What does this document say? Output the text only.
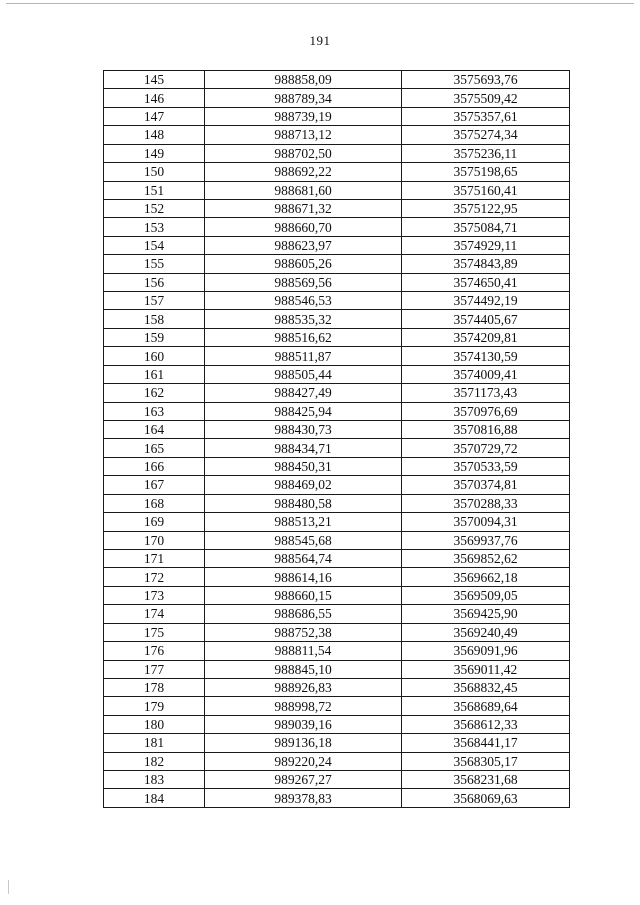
191
145	988858,09	3575693,76
146	988789,34	3575509,42
147	988739,19	3575357,61
148	988713,12	3575274,34
149	988702,50	3575236,11
150	988692,22	3575198,65
151	988681,60	3575160,41
152	988671,32	3575122,95
153	988660,70	3575084,71
154	988623,97	3574929,11
155	988605,26	3574843,89
156	988569,56	3574650,41
157	988546,53	3574492,19
158	988535,32	3574405,67
159	988516,62	3574209,81
160	988511,87	3574130,59
161	988505,44	3574009,41
162	988427,49	3571173,43
163	988425,94	3570976,69
164	988430,73	3570816,88
165	988434,71	3570729,72
166	988450,31	3570533,59
167	988469,02	3570374,81
168	988480,58	3570288,33
169	988513,21	3570094,31
170	988545,68	3569937,76
171	988564,74	3569852,62
172	988614,16	3569662,18
173	988660,15	3569509,05
174	988686,55	3569425,90
175	988752,38	3569240,49
176	988811,54	3569091,96
177	988845,10	3569011,42
178	988926,83	3568832,45
179	988998,72	3568689,64
180	989039,16	3568612,33
181	989136,18	3568441,17
182	989220,24	3568305,17
183	989267,27	3568231,68
184	989378,83	3568069,63
